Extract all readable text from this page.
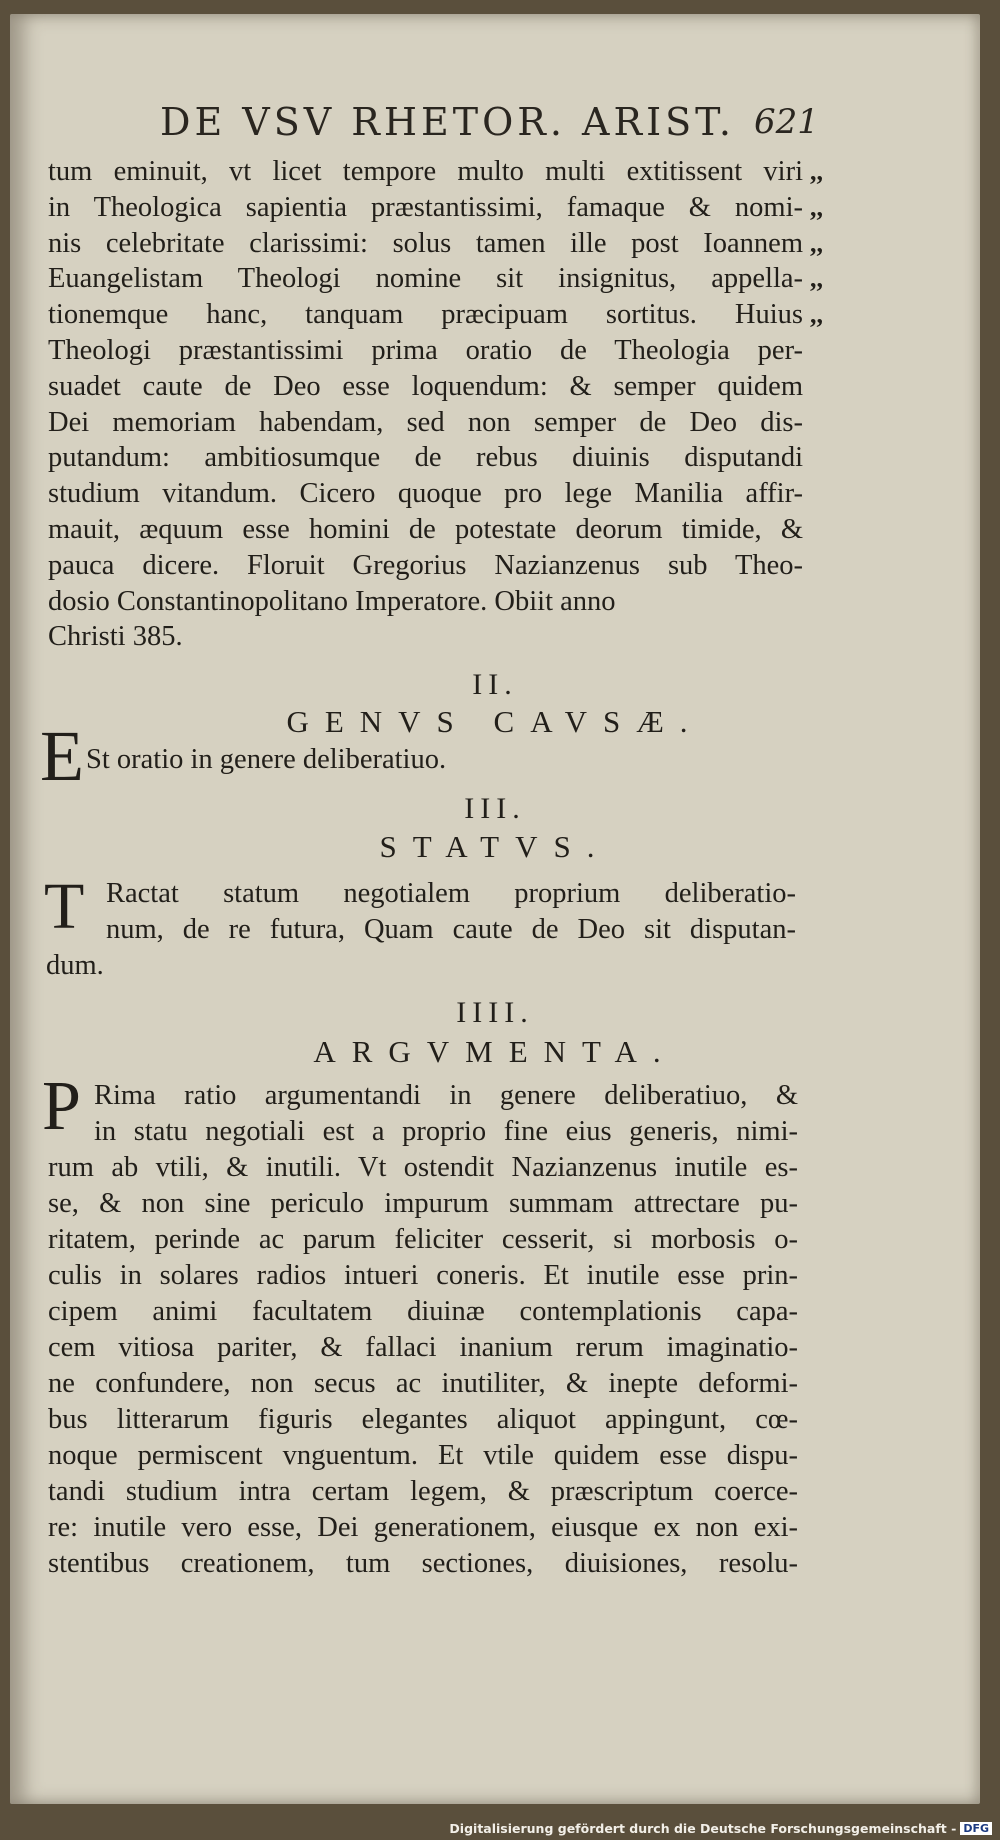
DE VSV RHETOR. ARIST. 621
tum eminuit, vt licet tempore multo multi extitissent viri
in Theologica sapientia præstantissimi, famaque & nomi-
nis celebritate clarissimi: solus tamen ille post Ioannem
Euangelistam Theologi nomine sit insignitus, appella-
tionemque hanc, tanquam præcipuam sortitus. Huius
Theologi præstantissimi prima oratio de Theologia per-
suadet caute de Deo esse loquendum: & semper quidem
Dei memoriam habendam, sed non semper de Deo dis-
putandum: ambitiosumque de rebus diuinis disputandi
studium vitandum. Cicero quoque pro lege Manilia affir-
mauit, æquum esse homini de potestate deorum timide, &
pauca dicere. Floruit Gregorius Nazianzenus sub Theo-
dosio Constantinopolitano Imperatore. Obiit anno
Christi 385.
,,
,,
,,
,,
,,
II.
GENVS CAVSÆ.
E St oratio in genere deliberatiuo.
III.
STATVS.
T Ractat statum negotialem proprium deliberatio-
num, de re futura, Quam caute de Deo sit disputan-
dum.
IIII.
ARGVMENTA.
P Rima ratio argumentandi in genere deliberatiuo, &
in statu negotiali est a proprio fine eius generis, nimi-
rum ab vtili, & inutili. Vt ostendit Nazianzenus inutile es-
se, & non sine periculo impurum summam attrectare pu-
ritatem, perinde ac parum feliciter cesserit, si morbosis o-
culis in solares radios intueri coneris. Et inutile esse prin-
cipem animi facultatem diuinæ contemplationis capa-
cem vitiosa pariter, & fallaci inanium rerum imaginatio-
ne confundere, non secus ac inutiliter, & inepte deformi-
bus litterarum figuris elegantes aliquot appingunt, cœ-
noque permiscent vnguentum. Et vtile quidem esse dispu-
tandi studium intra certam legem, & præscriptum coerce-
re: inutile vero esse, Dei generationem, eiusque ex non exi-
stentibus creationem, tum sectiones, diuisiones, resolu-
Digitalisierung gefördert durch die Deutsche Forschungsgemeinschaft - DFG
